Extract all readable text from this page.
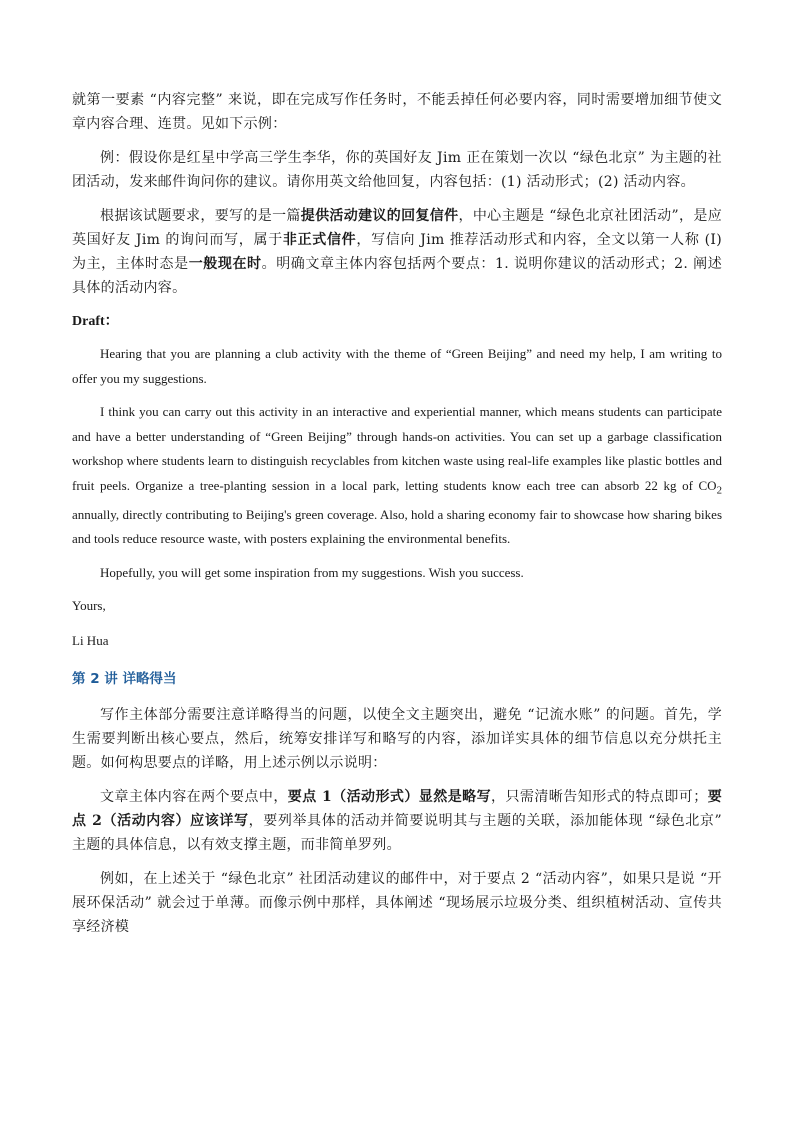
就第一要素 “内容完整” 来说，即在完成写作任务时，不能丢掉任何必要内容，同时需要增加细节使文章内容合理、连贯。见如下示例：

例：假设你是红星中学高三学生李华，你的英国好友 Jim 正在策划一次以 “绿色北京” 为主题的社团活动，发来邮件询问你的建议。请你用英文给他回复，内容包括：(1) 活动形式；(2) 活动内容。

根据该试题要求，要写的是一篇提供活动建议的回复信件，中心主题是 “绿色北京社团活动”，是应英国好友 Jim 的询问而写，属于非正式信件，写信向 Jim 推荐活动形式和内容，全文以第一人称 (I) 为主，主体时态是一般现在时。明确文章主体内容包括两个要点：1. 说明你建议的活动形式；2. 阐述具体的活动内容。

Draft：

Hearing that you are planning a club activity with the theme of “Green Beijing” and need my help, I am writing to offer you my suggestions.

I think you can carry out this activity in an interactive and experiential manner, which means students can participate and have a better understanding of “Green Beijing” through hands-on activities. You can set up a garbage classification workshop where students learn to distinguish recyclables from kitchen waste using real-life examples like plastic bottles and fruit peels. Organize a tree-planting session in a local park, letting students know each tree can absorb 22 kg of $CO_2$ annually, directly contributing to Beijing's green coverage. Also, hold a sharing economy fair to showcase how sharing bikes and tools reduce resource waste, with posters explaining the environmental benefits.

Hopefully, you will get some inspiration from my suggestions. Wish you success.

Yours,

Li Hua

第 2 讲 详略得当

写作主体部分需要注意详略得当的问题，以使全文主题突出，避免 “记流水账” 的问题。首先，学生需要判断出核心要点，然后，统筹安排详写和略写的内容，添加详实具体的细节信息以充分烘托主题。如何构思要点的详略，用上述示例以示说明：

文章主体内容在两个要点中，要点 1（活动形式）显然是略写，只需清晰告知形式的特点即可；要点 2（活动内容）应该详写，要列举具体的活动并简要说明其与主题的关联，添加能体现 “绿色北京” 主题的具体信息，以有效支撑主题，而非简单罗列。

例如，在上述关于 “绿色北京” 社团活动建议的邮件中，对于要点 2 “活动内容”，如果只是说 “开展环保活动” 就会过于单薄。而像示例中那样，具体阐述 “现场展示垃圾分类、组织植树活动、宣传共享经济模
